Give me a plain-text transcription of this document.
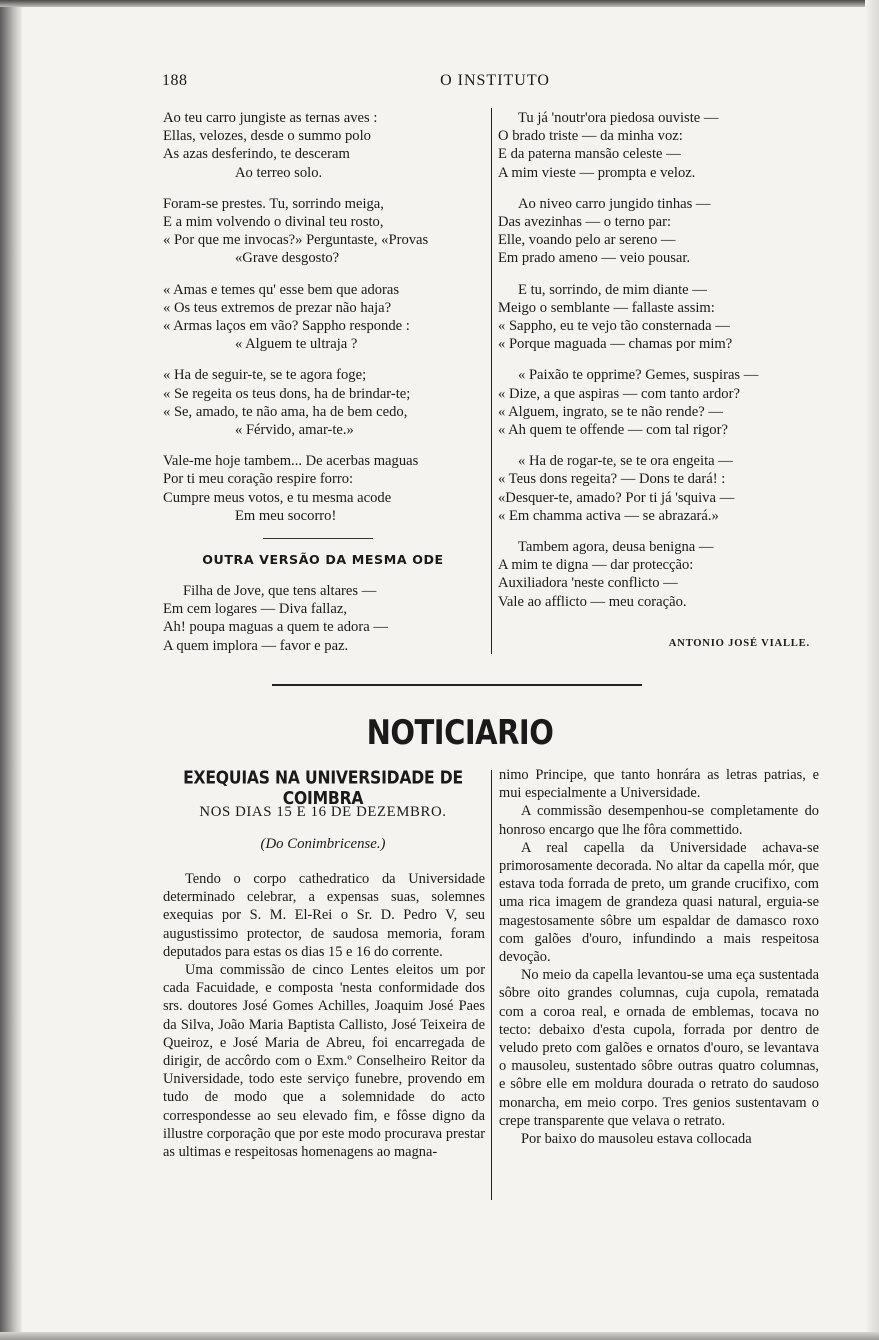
188	O INSTITUTO
Ao teu carro jungiste as ternas aves :
Ellas, velozes, desde o summo polo
As azas desferindo, te desceram
Ao terreo solo.
Foram-se prestes. Tu, sorrindo meiga,
E a mim volvendo o divinal teu rosto,
« Por que me invocas?» Perguntaste, «Provas
«Grave desgosto?
« Amas e temes qu' esse bem que adoras
« Os teus extremos de prezar não haja?
« Armas laços em vão? Sappho responde :
« Alguem te ultraja ?
« Ha de seguir-te, se te agora foge;
« Se regeita os teus dons, ha de brindar-te;
« Se, amado, te não ama, ha de bem cedo,
« Férvido, amar-te.»
Vale-me hoje tambem... De acerbas maguas
Por ti meu coração respire forro:
Cumpre meus votos, e tu mesma acode
Em meu socorro!
OUTRA VERSÃO DA MESMA ODE
Filha de Jove, que tens altares —
Em cem logares — Diva fallaz,
Ah! poupa maguas a quem te adora —
A quem implora — favor e paz.
Tu já 'noutr'ora piedosa ouviste —
O brado triste — da minha voz:
E da paterna mansão celeste —
A mim vieste — prompta e veloz.
Ao niveo carro jungido tinhas —
Das avezinhas — o terno par:
Elle, voando pelo ar sereno —
Em prado ameno — veio pousar.
E tu, sorrindo, de mim diante —
Meigo o semblante — fallaste assim:
« Sappho, eu te vejo tão consternada —
« Porque maguada — chamas por mim?
« Paixão te opprime? Gemes, suspiras —
« Dize, a que aspiras — com tanto ardor?
« Alguem, ingrato, se te não rende? —
« Ah quem te offende — com tal rigor?
« Ha de rogar-te, se te ora engeita —
« Teus dons regeita? — Dons te dará! :
«Desquer-te, amado? Por ti já 'squiva —
« Em chamma activa — se abrazará.»
Tambem agora, deusa benigna —
A mim te digna — dar protecção:
Auxiliadora 'neste conflicto —
Vale ao afflicto — meu coração.
ANTONIO JOSÉ VIALLE.
NOTICIARIO
EXEQUIAS NA UNIVERSIDADE DE COIMBRA
NOS DIAS 15 E 16 DE DEZEMBRO.
(Do Conimbricense.)

Tendo o corpo cathedratico da Universidade determinado celebrar, a expensas suas, solemnes exequias por S. M. El-Rei o Sr. D. Pedro V, seu augustissimo protector, de saudosa memoria, foram deputados para estas os dias 15 e 16 do corrente.

Uma commissão de cinco Lentes eleitos um por cada Facuidade, e composta 'nesta conformidade dos srs. doutores José Gomes Achilles, Joaquim José Paes da Silva, João Maria Baptista Callisto, José Teixeira de Queiroz, e José Maria de Abreu, foi encarregada de dirigir, de accôrdo com o Exm.º Conselheiro Reitor da Universidade, todo este serviço funebre, provendo em tudo de modo que a solemnidade do acto correspondesse ao seu elevado fim, e fôsse digno da illustre corporação que por este modo procurava prestar as ultimas e respeitosas homenagens ao magna-

nimo Principe, que tanto honrára as letras patrias, e mui especialmente a Universidade.

A commissão desempenhou-se completamente do honroso encargo que lhe fôra commettido.

A real capella da Universidade achava-se primorosamente decorada. No altar da capella mór, que estava toda forrada de preto, um grande crucifixo, com uma rica imagem de grandeza quasi natural, erguia-se magestosamente sôbre um espaldar de damasco roxo com galões d'ouro, infundindo a mais respeitosa devoção.

No meio da capella levantou-se uma eça sustentada sôbre oito grandes columnas, cuja cupola, rematada com a coroa real, e ornada de emblemas, tocava no tecto: debaixo d'esta cupola, forrada por dentro de veludo preto com galões e ornatos d'ouro, se levantava o mausoleu, sustentado sôbre outras quatro columnas, e sôbre elle em moldura dourada o retrato do saudoso monarcha, em meio corpo. Tres genios sustentavam o crepe transparente que velava o retrato.

Por baixo do mausoleu estava collocada
